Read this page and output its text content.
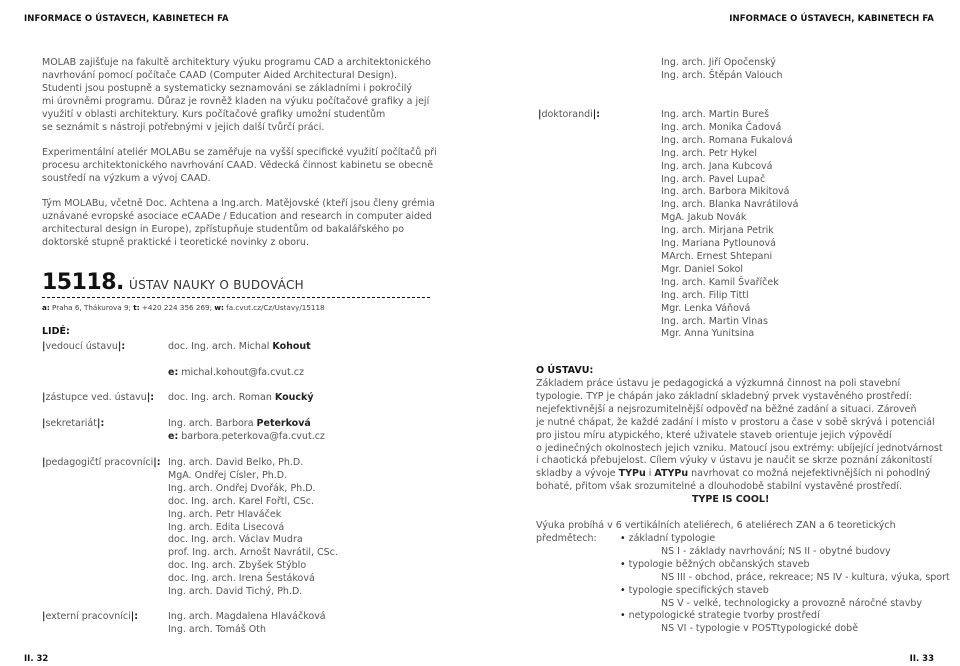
INFORMACE O ÚSTAVECH, KABINETECH FA	INFORMACE O ÚSTAVECH, KABINETECH FA
MOLAB zajišťuje na fakultě architektury výuku programu CAD a architektonického
navrhování pomocí počítače CAAD (Computer Aided Architectural Design).
Studenti jsou postupně a systematicky seznamováni se základními i pokročilý
mi úrovněmi programu. Důraz je rovněž kladen na výuku počítačové grafiky a její
využití v oblasti architektury. Kurs počítačové grafiky umožní studentům
se seznámit s nástroji potřebnými v jejich další tvůrčí práci.
Experimentální ateliér MOLABu se zaměřuje na vyšší specifické využití počítačů při
procesu architektonického navrhování CAAD. Vědecká činnost kabinetu se obecně
soustředí na výzkum a vývoj CAAD.
Tým MOLABu, včetně Doc. Achtena a Ing.arch. Matějovské (kteří jsou členy grémia
uznávané evropské asociace eCAADe / Education and research in computer aided
architectural design in Europe), zpřístupňuje studentům od bakalářského po
doktorské stupně praktické i teoretické novinky z oboru.
15118. ÚSTAV NAUKY O BUDOVÁCH
a: Praha 6, Thákurova 9; t: +420 224 356 269; w: fa.cvut.cz/Cz/Ustavy/15118
LIDÉ:
|vedoucí ústavu|:	doc. Ing. arch. Michal Kohout
e: michal.kohout@fa.cvut.cz
|zástupce ved. ústavu|: doc. Ing. arch. Roman Koucký
|sekretariát|:	Ing. arch. Barbora Peterková
e: barbora.peterkova@fa.cvut.cz
|pedagogičtí pracovníci|: Ing. arch. David Belko, Ph.D.
MgA. Ondřej Císler, Ph.D.
Ing. arch. Ondřej Dvořák, Ph.D.
doc. Ing. arch. Karel Fořtl, CSc.
Ing. arch. Petr Hlaváček
Ing. arch. Edita Lisecová
doc. Ing. arch. Václav Mudra
prof. Ing. arch. Arnošt Navrátil, CSc.
doc. Ing. arch. Zbyšek Stýblo
doc. Ing. arch. Irena Šestáková
Ing. arch. David Tichý, Ph.D.
|externí pracovníci|:	Ing. arch. Magdalena Hlaváčková
Ing. arch. Tomáš Oth
Ing. arch. Jiří Opočenský
Ing. arch. Štěpán Valouch
|doktorandi|:	Ing. arch. Martin Bureš
Ing. arch. Monika Čadová
Ing. arch. Romana Fukalová
Ing. arch. Petr Hykel
Ing. arch. Jana Kubcová
Ing. arch. Pavel Lupač
Ing. arch. Barbora Mikitová
Ing. arch. Blanka Navrátilová
MgA. Jakub Novák
Ing. arch. Mirjana Petrik
Ing. Mariana Pytlounová
MArch. Ernest Shtepani
Mgr. Daniel Sokol
Ing. arch. Kamil Švaříček
Ing. arch. Filip Tittl
Mgr. Lenka Váňová
Ing. arch. Martin Vlnas
Mgr. Anna Yunitsina
O ÚSTAVU:
Základem práce ústavu je pedagogická a výzkumná činnost na poli stavební
typologie. TYP je chápán jako základní skladebný prvek vystavěného prostředí:
nejefektivnější a nejsrozumitelnější odpověď na běžné zadání a situaci. Zároveň
je nutné chápat, že každé zadání i místo v prostoru a čase v sobě skrývá i potenciál
pro jistou míru atypického, které uživatele staveb orientuje jejich výpovědí
o jedinečných okolnostech jejich vzniku. Matoucí jsou extrémy: ubíjející jednotvárnost
i chaotická přebujelost. Cílem výuky v ústavu je naučit se skrze poznání zákonitostí
skladby a vývoje TYPu i ATYPu navrhovat co možná nejefektivnějších ni pohodlný
bohaté, přitom však srozumitelné a dlouhodobě stabilní vystavěné prostředí.
TYPE IS COOL!
Výuka probíhá v 6 vertikálních ateliérech, 6 ateliérech ZAN a 6 teoretických
předmětech:
•	základní typologie
NS I - základy navrhování; NS II - obytné budovy
• typologie běžných občanských staveb
NS III - obchod, práce, rekreace; NS IV - kultura, výuka, sport
• typologie specifických staveb
NS V - velké, technologicky a provozně náročné stavby
• netypologické strategie tvorby prostředí
NS VI - typologie v POSTtypologické době
II. 32	II. 33
